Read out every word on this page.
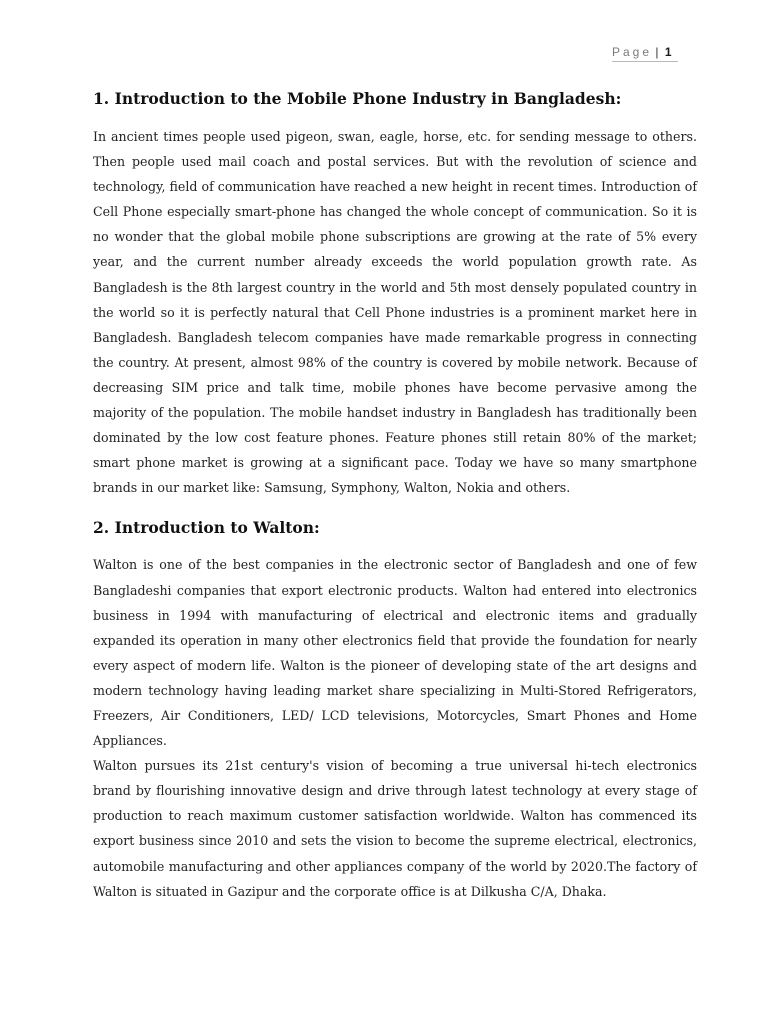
Page | 1
1. Introduction to the Mobile Phone Industry in Bangladesh:

In ancient times people used pigeon, swan, eagle, horse, etc. for sending message to others. Then people used mail coach and postal services. But with the revolution of science and technology, field of communication have reached a new height in recent times. Introduction of Cell Phone especially smart-phone has changed the whole concept of communication. So it is no wonder that the global mobile phone subscriptions are growing at the rate of 5% every year, and the current number already exceeds the world population growth rate. As Bangladesh is the 8th largest country in the world and 5th most densely populated country in the world so it is perfectly natural that Cell Phone industries is a prominent market here in Bangladesh. Bangladesh telecom companies have made remarkable progress in connecting the country. At present, almost 98% of the country is covered by mobile network. Because of decreasing SIM price and talk time, mobile phones have become pervasive among the majority of the population. The mobile handset industry in Bangladesh has traditionally been dominated by the low cost feature phones. Feature phones still retain 80% of the market; smart phone market is growing at a significant pace. Today we have so many smartphone brands in our market like: Samsung, Symphony, Walton, Nokia and others.

2. Introduction to Walton:

Walton is one of the best companies in the electronic sector of Bangladesh and one of few Bangladeshi companies that export electronic products. Walton had entered into electronics business in 1994 with manufacturing of electrical and electronic items and gradually expanded its operation in many other electronics field that provide the foundation for nearly every aspect of modern life. Walton is the pioneer of developing state of the art designs and modern technology having leading market share specializing in Multi-Stored Refrigerators, Freezers, Air Conditioners, LED/ LCD televisions, Motorcycles, Smart Phones and Home Appliances.

Walton pursues its 21st century's vision of becoming a true universal hi-tech electronics brand by flourishing innovative design and drive through latest technology at every stage of production to reach maximum customer satisfaction worldwide. Walton has commenced its export business since 2010 and sets the vision to become the supreme electrical, electronics, automobile manufacturing and other appliances company of the world by 2020.The factory of Walton is situated in Gazipur and the corporate office is at Dilkusha C/A, Dhaka.
